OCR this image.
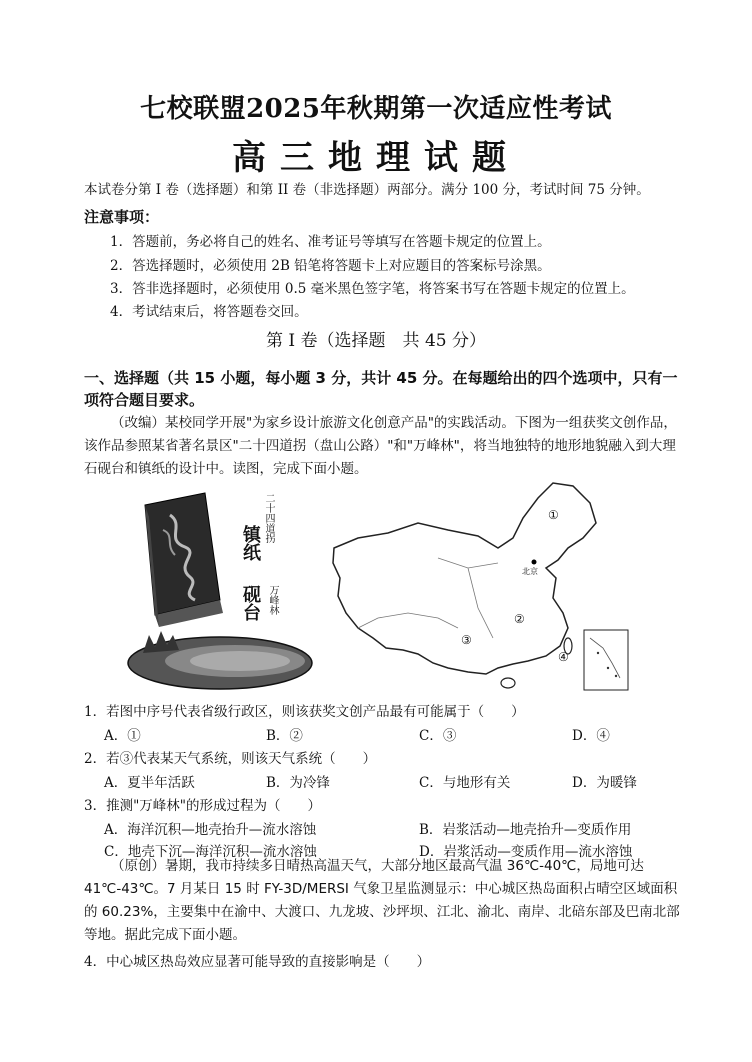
七校联盟2025年秋期第一次适应性考试
高三地理试题
本试卷分第 I 卷（选择题）和第 II 卷（非选择题）两部分。满分 100 分，考试时间 75 分钟。
注意事项：
1．答题前，务必将自己的姓名、准考证号等填写在答题卡规定的位置上。
2．答选择题时，必须使用 2B 铅笔将答题卡上对应题目的答案标号涂黑。
3．答非选择题时，必须使用 0.5 毫米黑色签字笔，将答案书写在答题卡规定的位置上。
4．考试结束后，将答题卷交回。
第 I 卷（选择题　共 45 分）
一、选择题（共 15 小题，每小题 3 分，共计 45 分。在每题给出的四个选项中，只有一项符合题目要求。
（改编）某校同学开展"为家乡设计旅游文化创意产品"的实践活动。下图为一组获奖文创作品，该作品参照某省著名景区"二十四道拐（盘山公路）"和"万峰林"，将当地独特的地形地貌融入到大理石砚台和镇纸的设计中。读图，完成下面小题。
镇纸 二十四道拐
砚台 万峰林
①
②
③
④
北京
1．若图中序号代表省级行政区，则该获奖文创产品最有可能属于（　　）
A．①	B．②	C．③	D．④
2．若③代表某天气系统，则该天气系统（　　）
A．夏半年活跃	B．为冷锋	C．与地形有关	D．为暖锋
3．推测"万峰林"的形成过程为（　　）
A．海洋沉积—地壳抬升—流水溶蚀	B．岩浆活动—地壳抬升—变质作用
C．地壳下沉—海洋沉积—流水溶蚀	D．岩浆活动—变质作用—流水溶蚀
（原创）暑期，我市持续多日晴热高温天气，大部分地区最高气温 36℃-40℃，局地可达 41℃-43℃。7 月某日 15 时 FY-3D/MERSI 气象卫星监测显示：中心城区热岛面积占晴空区域面积的 60.23%，主要集中在渝中、大渡口、九龙坡、沙坪坝、江北、渝北、南岸、北碚东部及巴南北部等地。据此完成下面小题。
4．中心城区热岛效应显著可能导致的直接影响是（　　）
